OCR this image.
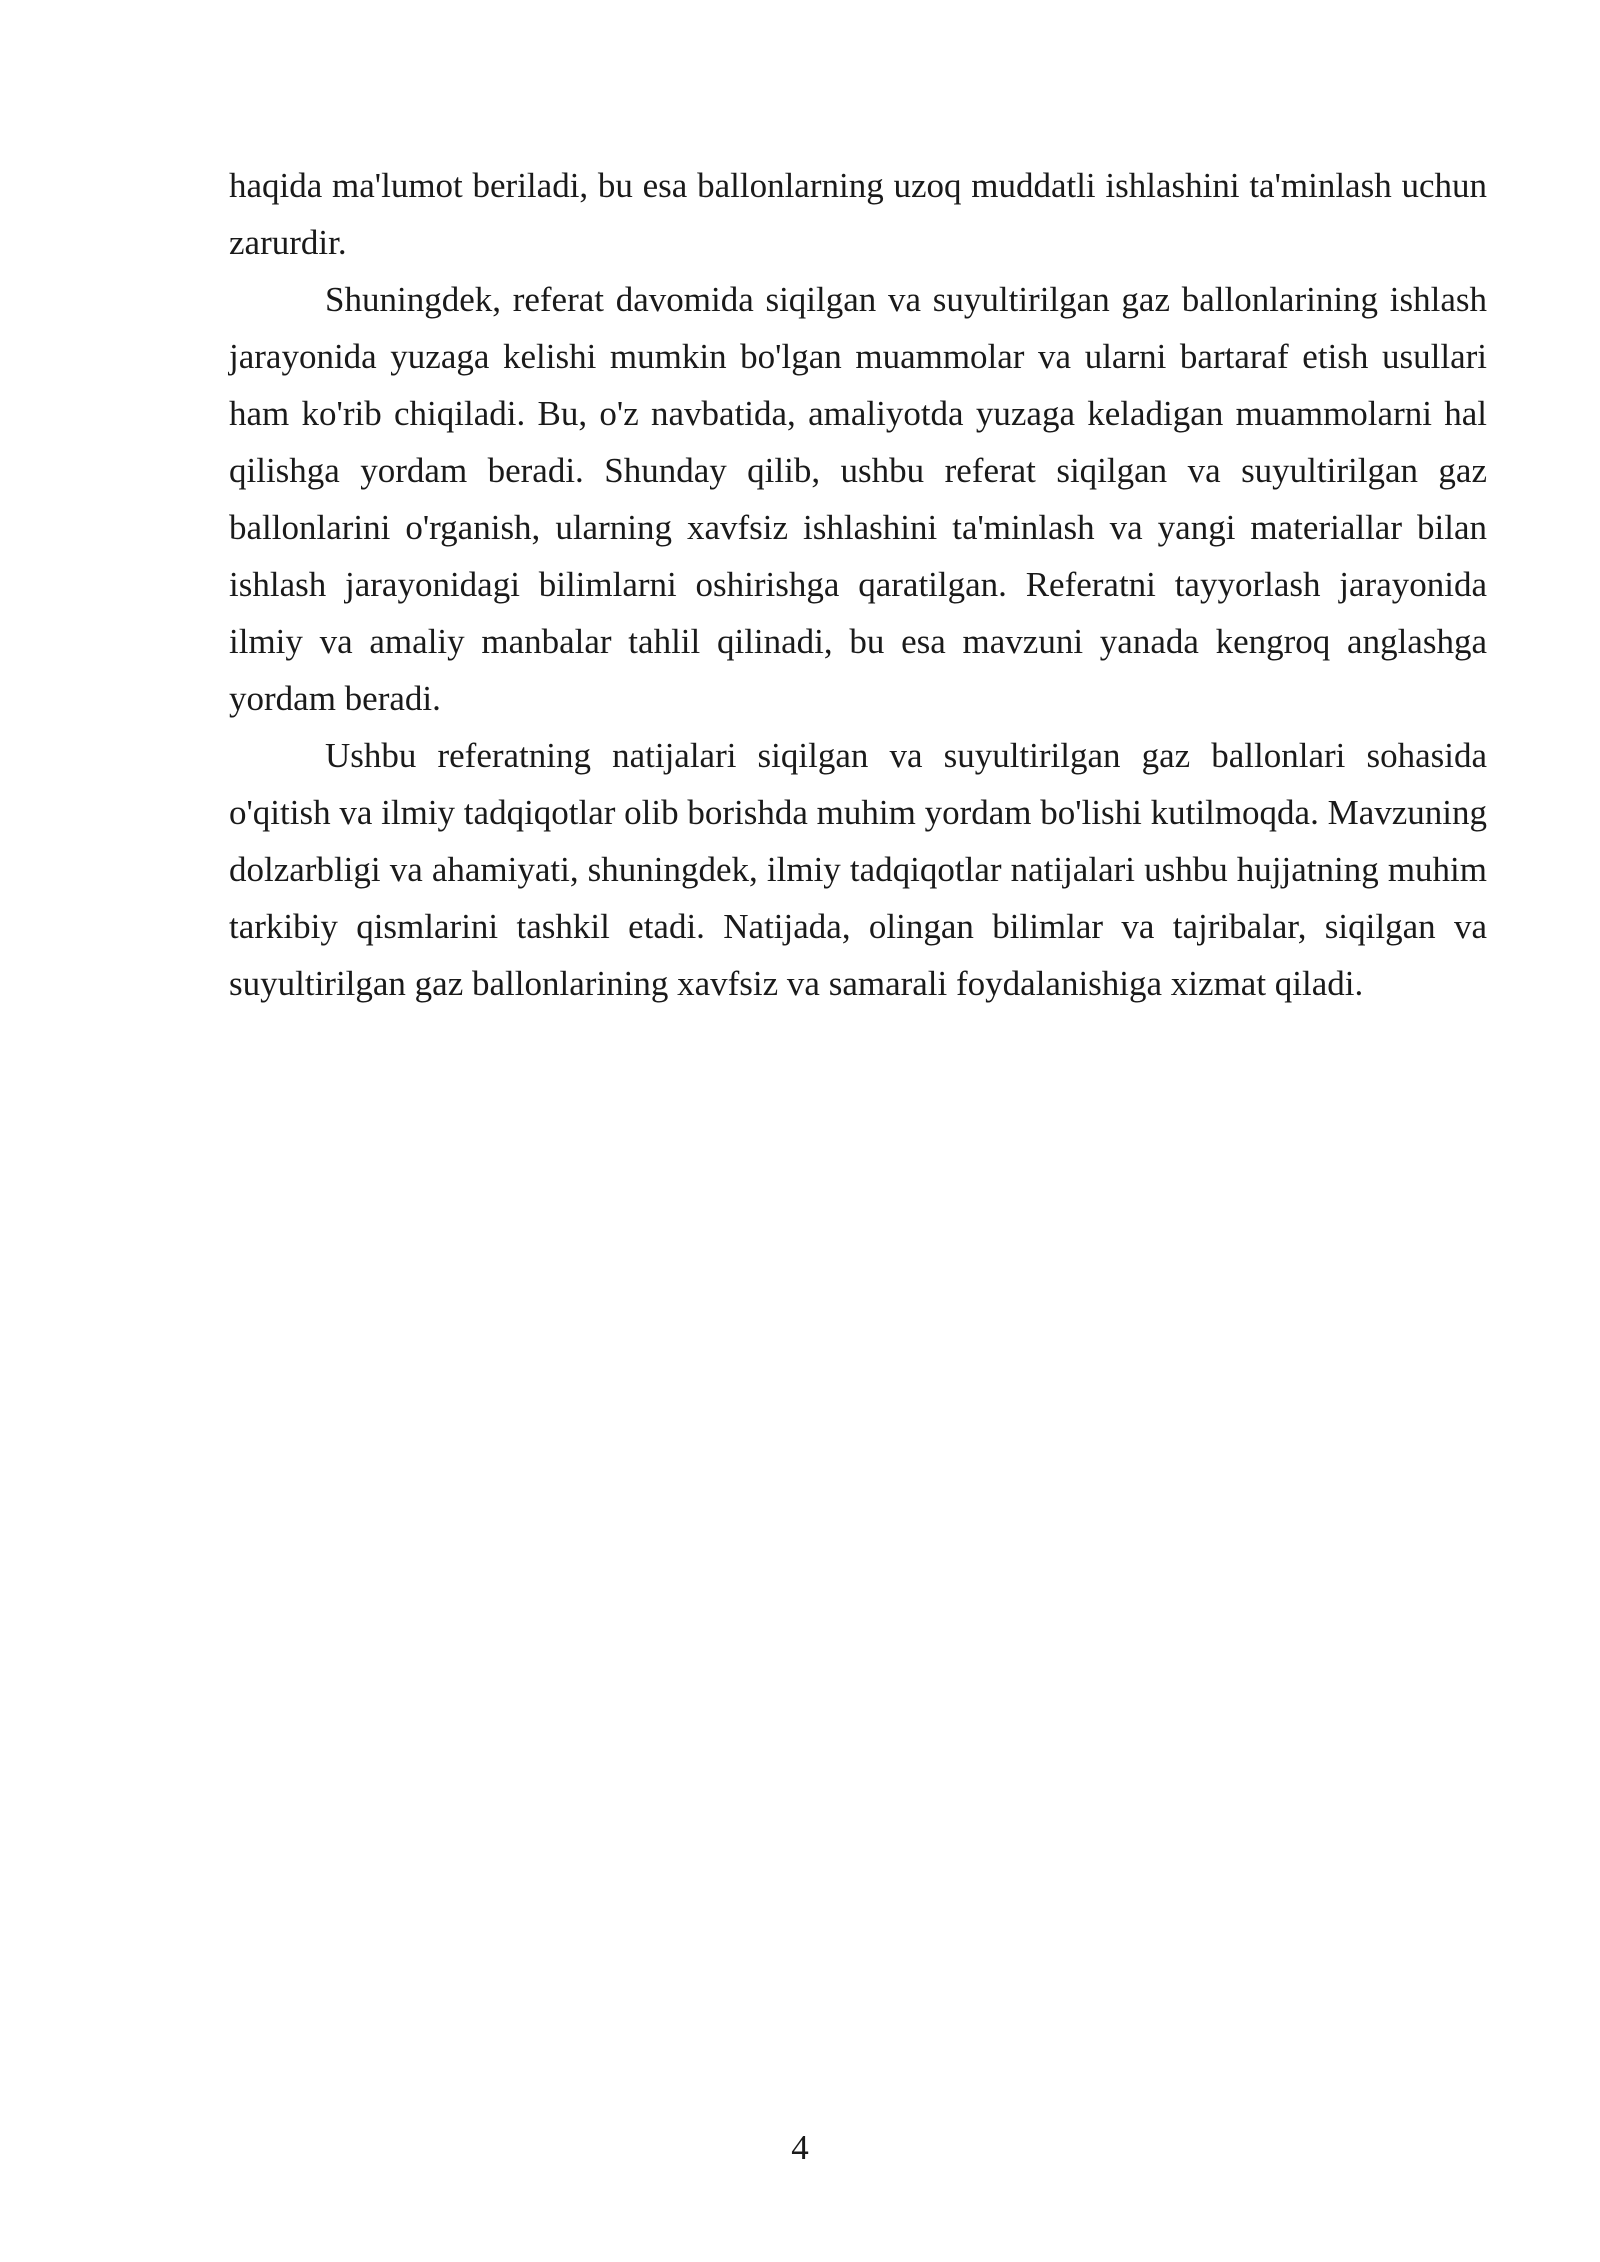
haqida ma'lumot beriladi, bu esa ballonlarning uzoq muddatli ishlashini ta'minlash uchun zarurdir.

Shuningdek, referat davomida siqilgan va suyultirilgan gaz ballonlarining ishlash jarayonida yuzaga kelishi mumkin bo'lgan muammolar va ularni bartaraf etish usullari ham ko'rib chiqiladi. Bu, o'z navbatida, amaliyotda yuzaga keladigan muammolarni hal qilishga yordam beradi. Shunday qilib, ushbu referat siqilgan va suyultirilgan gaz ballonlarini o'rganish, ularning xavfsiz ishlashini ta'minlash va yangi materiallar bilan ishlash jarayonidagi bilimlarni oshirishga qaratilgan. Referatni tayyorlash jarayonida ilmiy va amaliy manbalar tahlil qilinadi, bu esa mavzuni yanada kengroq anglashga yordam beradi.

Ushbu referatning natijalari siqilgan va suyultirilgan gaz ballonlari sohasida o'qitish va ilmiy tadqiqotlar olib borishda muhim yordam bo'lishi kutilmoqda. Mavzuning dolzarbligi va ahamiyati, shuningdek, ilmiy tadqiqotlar natijalari ushbu hujjatning muhim tarkibiy qismlarini tashkil etadi. Natijada, olingan bilimlar va tajribalar, siqilgan va suyultirilgan gaz ballonlarining xavfsiz va samarali foydalanishiga xizmat qiladi.

4
